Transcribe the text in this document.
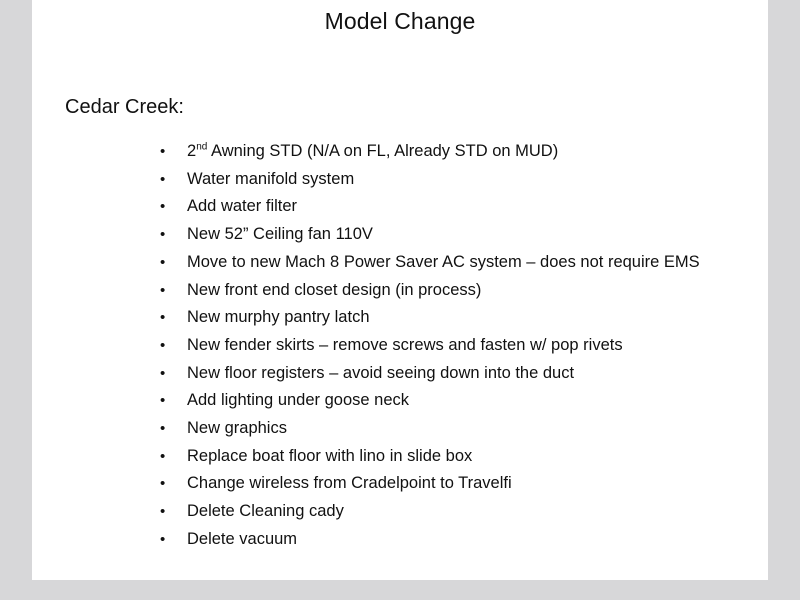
Model Change
Cedar Creek:
• 2nd Awning STD (N/A on FL, Already STD on MUD)
• Water manifold system
• Add water filter
• New 52” Ceiling fan 110V
• Move to new Mach 8 Power Saver AC system – does not require EMS
• New front end closet design (in process)
• New murphy pantry latch
• New fender skirts – remove screws and fasten w/ pop rivets
• New floor registers – avoid seeing down into the duct
• Add lighting under goose neck
• New graphics
• Replace boat floor with lino in slide box
• Change wireless from Cradelpoint to Travelfi
• Delete Cleaning cady
• Delete vacuum
